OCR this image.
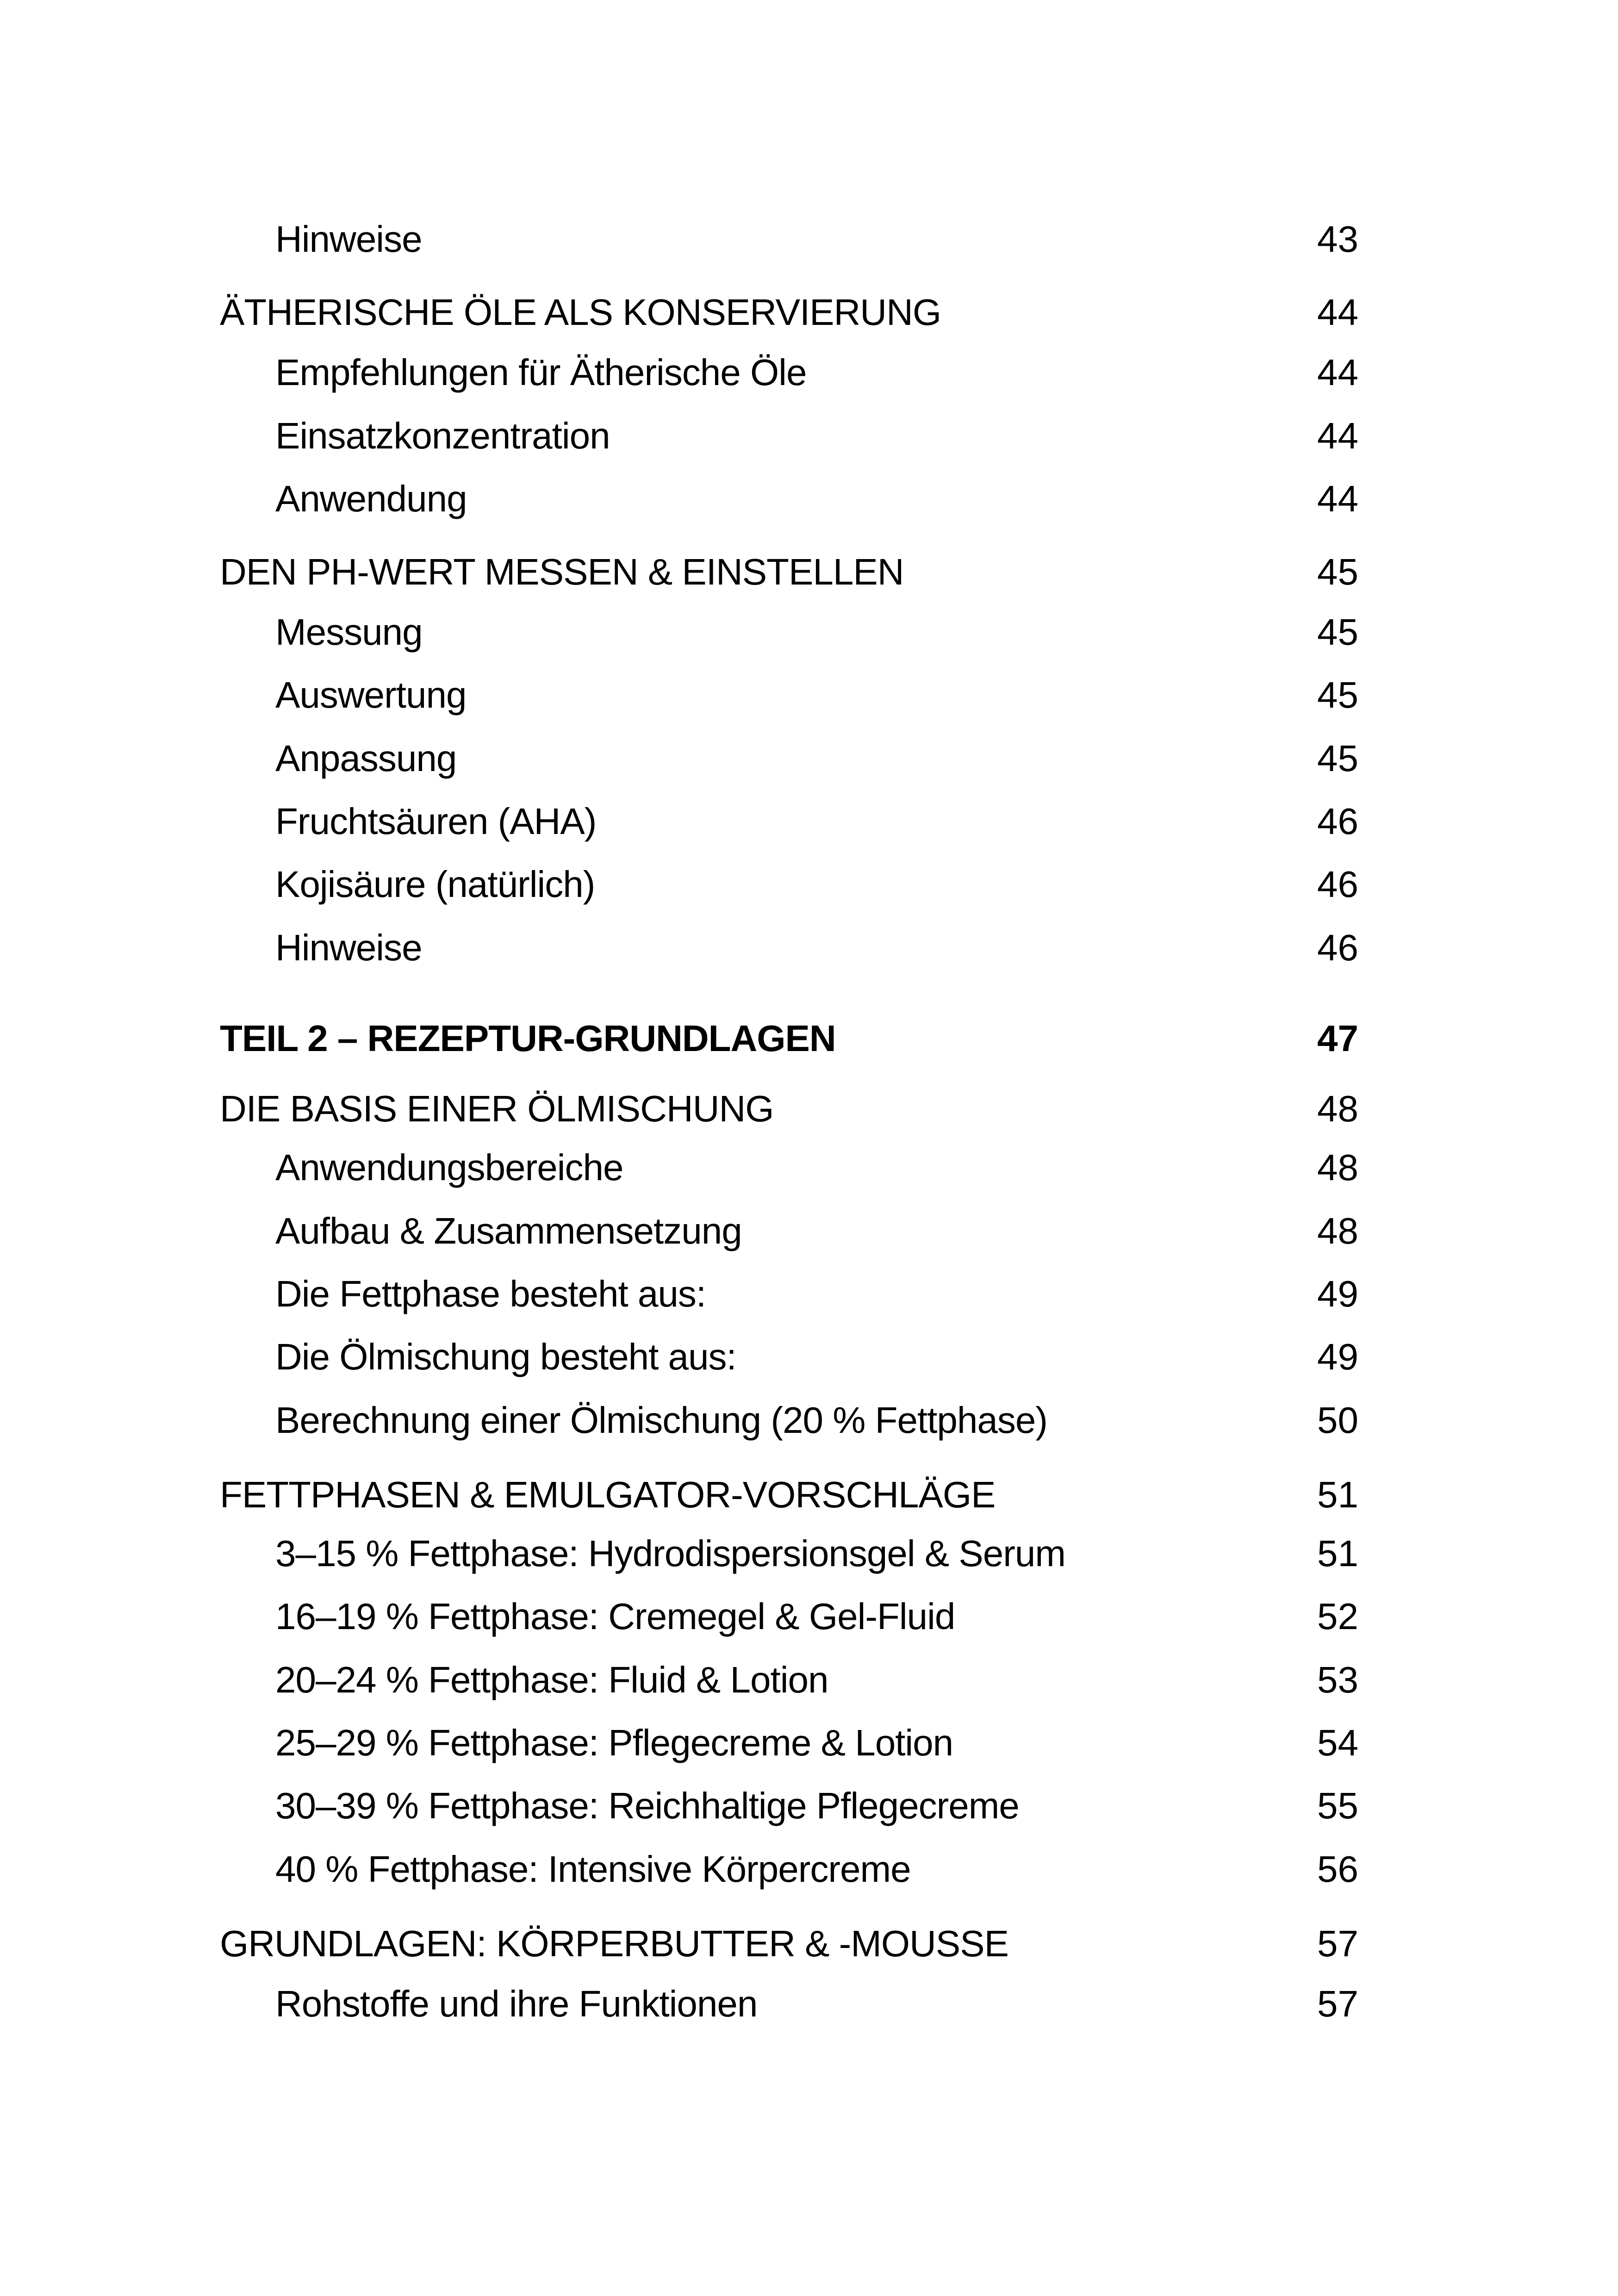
Hinweise	43
ÄTHERISCHE ÖLE ALS KONSERVIERUNG	44
Empfehlungen für Ätherische Öle	44
Einsatzkonzentration	44
Anwendung	44
DEN PH-WERT MESSEN & EINSTELLEN	45
Messung	45
Auswertung	45
Anpassung	45
Fruchtsäuren (AHA)	46
Kojisäure (natürlich)	46
Hinweise	46
TEIL 2 – REZEPTUR-GRUNDLAGEN	47
DIE BASIS EINER ÖLMISCHUNG	48
Anwendungsbereiche	48
Aufbau & Zusammensetzung	48
Die Fettphase besteht aus:	49
Die Ölmischung besteht aus:	49
Berechnung einer Ölmischung (20 % Fettphase)	50
FETTPHASEN & EMULGATOR-VORSCHLÄGE	51
3–15 % Fettphase: Hydrodispersionsgel & Serum	51
16–19 % Fettphase: Cremegel & Gel-Fluid	52
20–24 % Fettphase: Fluid & Lotion	53
25–29 % Fettphase: Pflegecreme & Lotion	54
30–39 % Fettphase: Reichhaltige Pflegecreme	55
40 % Fettphase: Intensive Körpercreme	56
GRUNDLAGEN: KÖRPERBUTTER & -MOUSSE	57
Rohstoffe und ihre Funktionen	57
